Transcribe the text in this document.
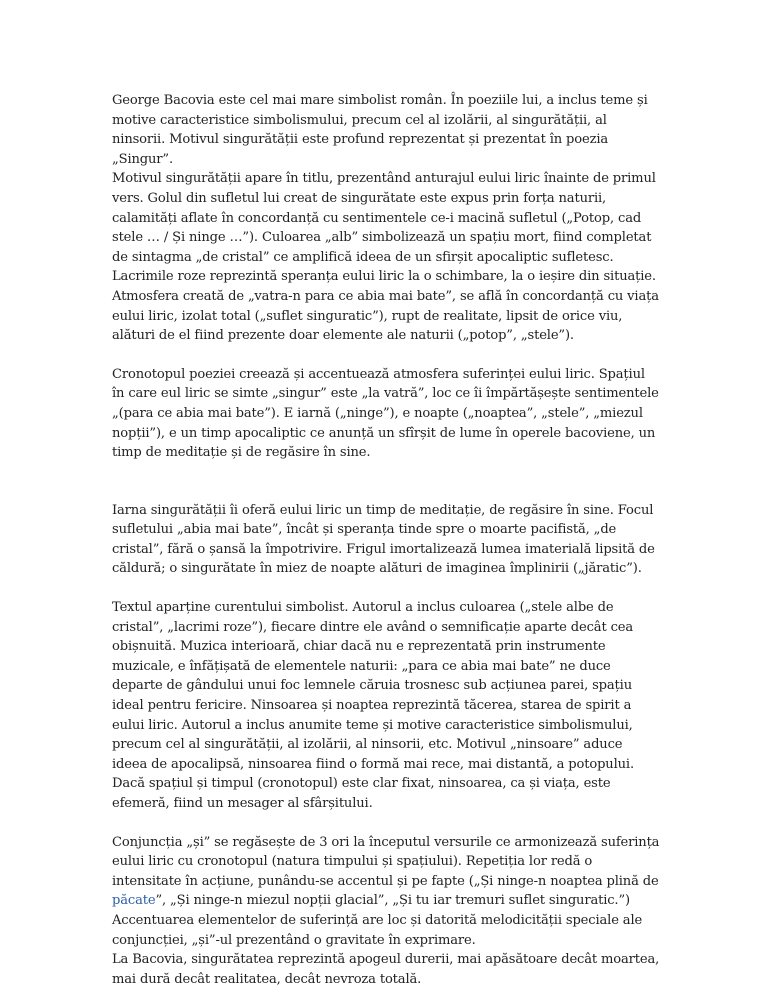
George Bacovia este cel mai mare simbolist român. În poeziile lui, a inclus teme și motive caracteristice simbolismului, precum cel al izolării, al singurătății, al ninsorii. Motivul singurătății este profund reprezentat și prezentat în poezia „Singur”.

Motivul singurătății apare în titlu, prezentând anturajul eului liric înainte de primul vers. Golul din sufletul lui creat de singurătate este expus prin forța naturii, calamități aflate în concordanță cu sentimentele ce-i macină sufletul („Potop, cad stele … / Și ninge …”). Culoarea „alb” simbolizează un spațiu mort, fiind completat de sintagma „de cristal” ce amplifică ideea de un sfirșit apocaliptic sufletesc. Lacrimile roze reprezintă speranța eului liric la o schimbare, la o ieșire din situație. Atmosfera creată de „vatra-n para ce abia mai bate”, se află în concordanță cu viața eului liric, izolat total („suflet singuratic”), rupt de realitate, lipsit de orice viu, alături de el fiind prezente doar elemente ale naturii („potop”, „stele”).

Cronotopul poeziei creează și accentuează atmosfera suferinței eului liric. Spațiul în care eul liric se simte „singur” este „la vatră”, loc ce îi împărtășește sentimentele „(para ce abia mai bate”). E iarnă („ninge”), e noapte („noaptea”, „stele”, „miezul nopții”), e un timp apocaliptic ce anunță un sfîrșit de lume în operele bacoviene, un timp de meditație și de regăsire în sine.

Iarna singurătății îi oferă eului liric un timp de meditație, de regăsire în sine. Focul sufletului „abia mai bate”, încât și speranța tinde spre o moarte pacifistă, „de cristal”, fără o șansă la împotrivire. Frigul imortalizează lumea imaterială lipsită de căldură; o singurătate în miez de noapte alături de imaginea împlinirii („jăratic”).

Textul aparține curentului simbolist. Autorul a inclus culoarea („stele albe de cristal”, „lacrimi roze”), fiecare dintre ele având o semnificație aparte decât cea obișnuită. Muzica interioară, chiar dacă nu e reprezentată prin instrumente muzicale, e înfățișată de elementele naturii: „para ce abia mai bate” ne duce departe de gândului unui foc lemnele căruia trosnesc sub acțiunea parei, spațiu ideal pentru fericire. Ninsoarea și noaptea reprezintă tăcerea, starea de spirit a eului liric. Autorul a inclus anumite teme și motive caracteristice simbolismului, precum cel al singurătății, al izolării, al ninsorii, etc. Motivul „ninsoare” aduce ideea de apocalipsă, ninsoarea fiind o formă mai rece, mai distantă, a potopului. Dacă spațiul și timpul (cronotopul) este clar fixat, ninsoarea, ca și viața, este efemeră, fiind un mesager al sfârșitului.

Conjuncția „și” se regăsește de 3 ori la începutul versurile ce armonizează suferința eului liric cu cronotopul (natura timpului și spațiului). Repetiția lor redă o intensitate în acțiune, punându-se accentul și pe fapte („Și ninge-n noaptea plină de păcate”, „Și ninge-n miezul nopții glacial”, „Și tu iar tremuri suflet singuratic.”) Accentuarea elementelor de suferință are loc și datorită melodicității speciale ale conjuncției, „și”-ul prezentând o gravitate în exprimare.

La Bacovia, singurătatea reprezintă apogeul durerii, mai apăsătoare decât moartea, mai dură decât realitatea, decât nevroza totală.
